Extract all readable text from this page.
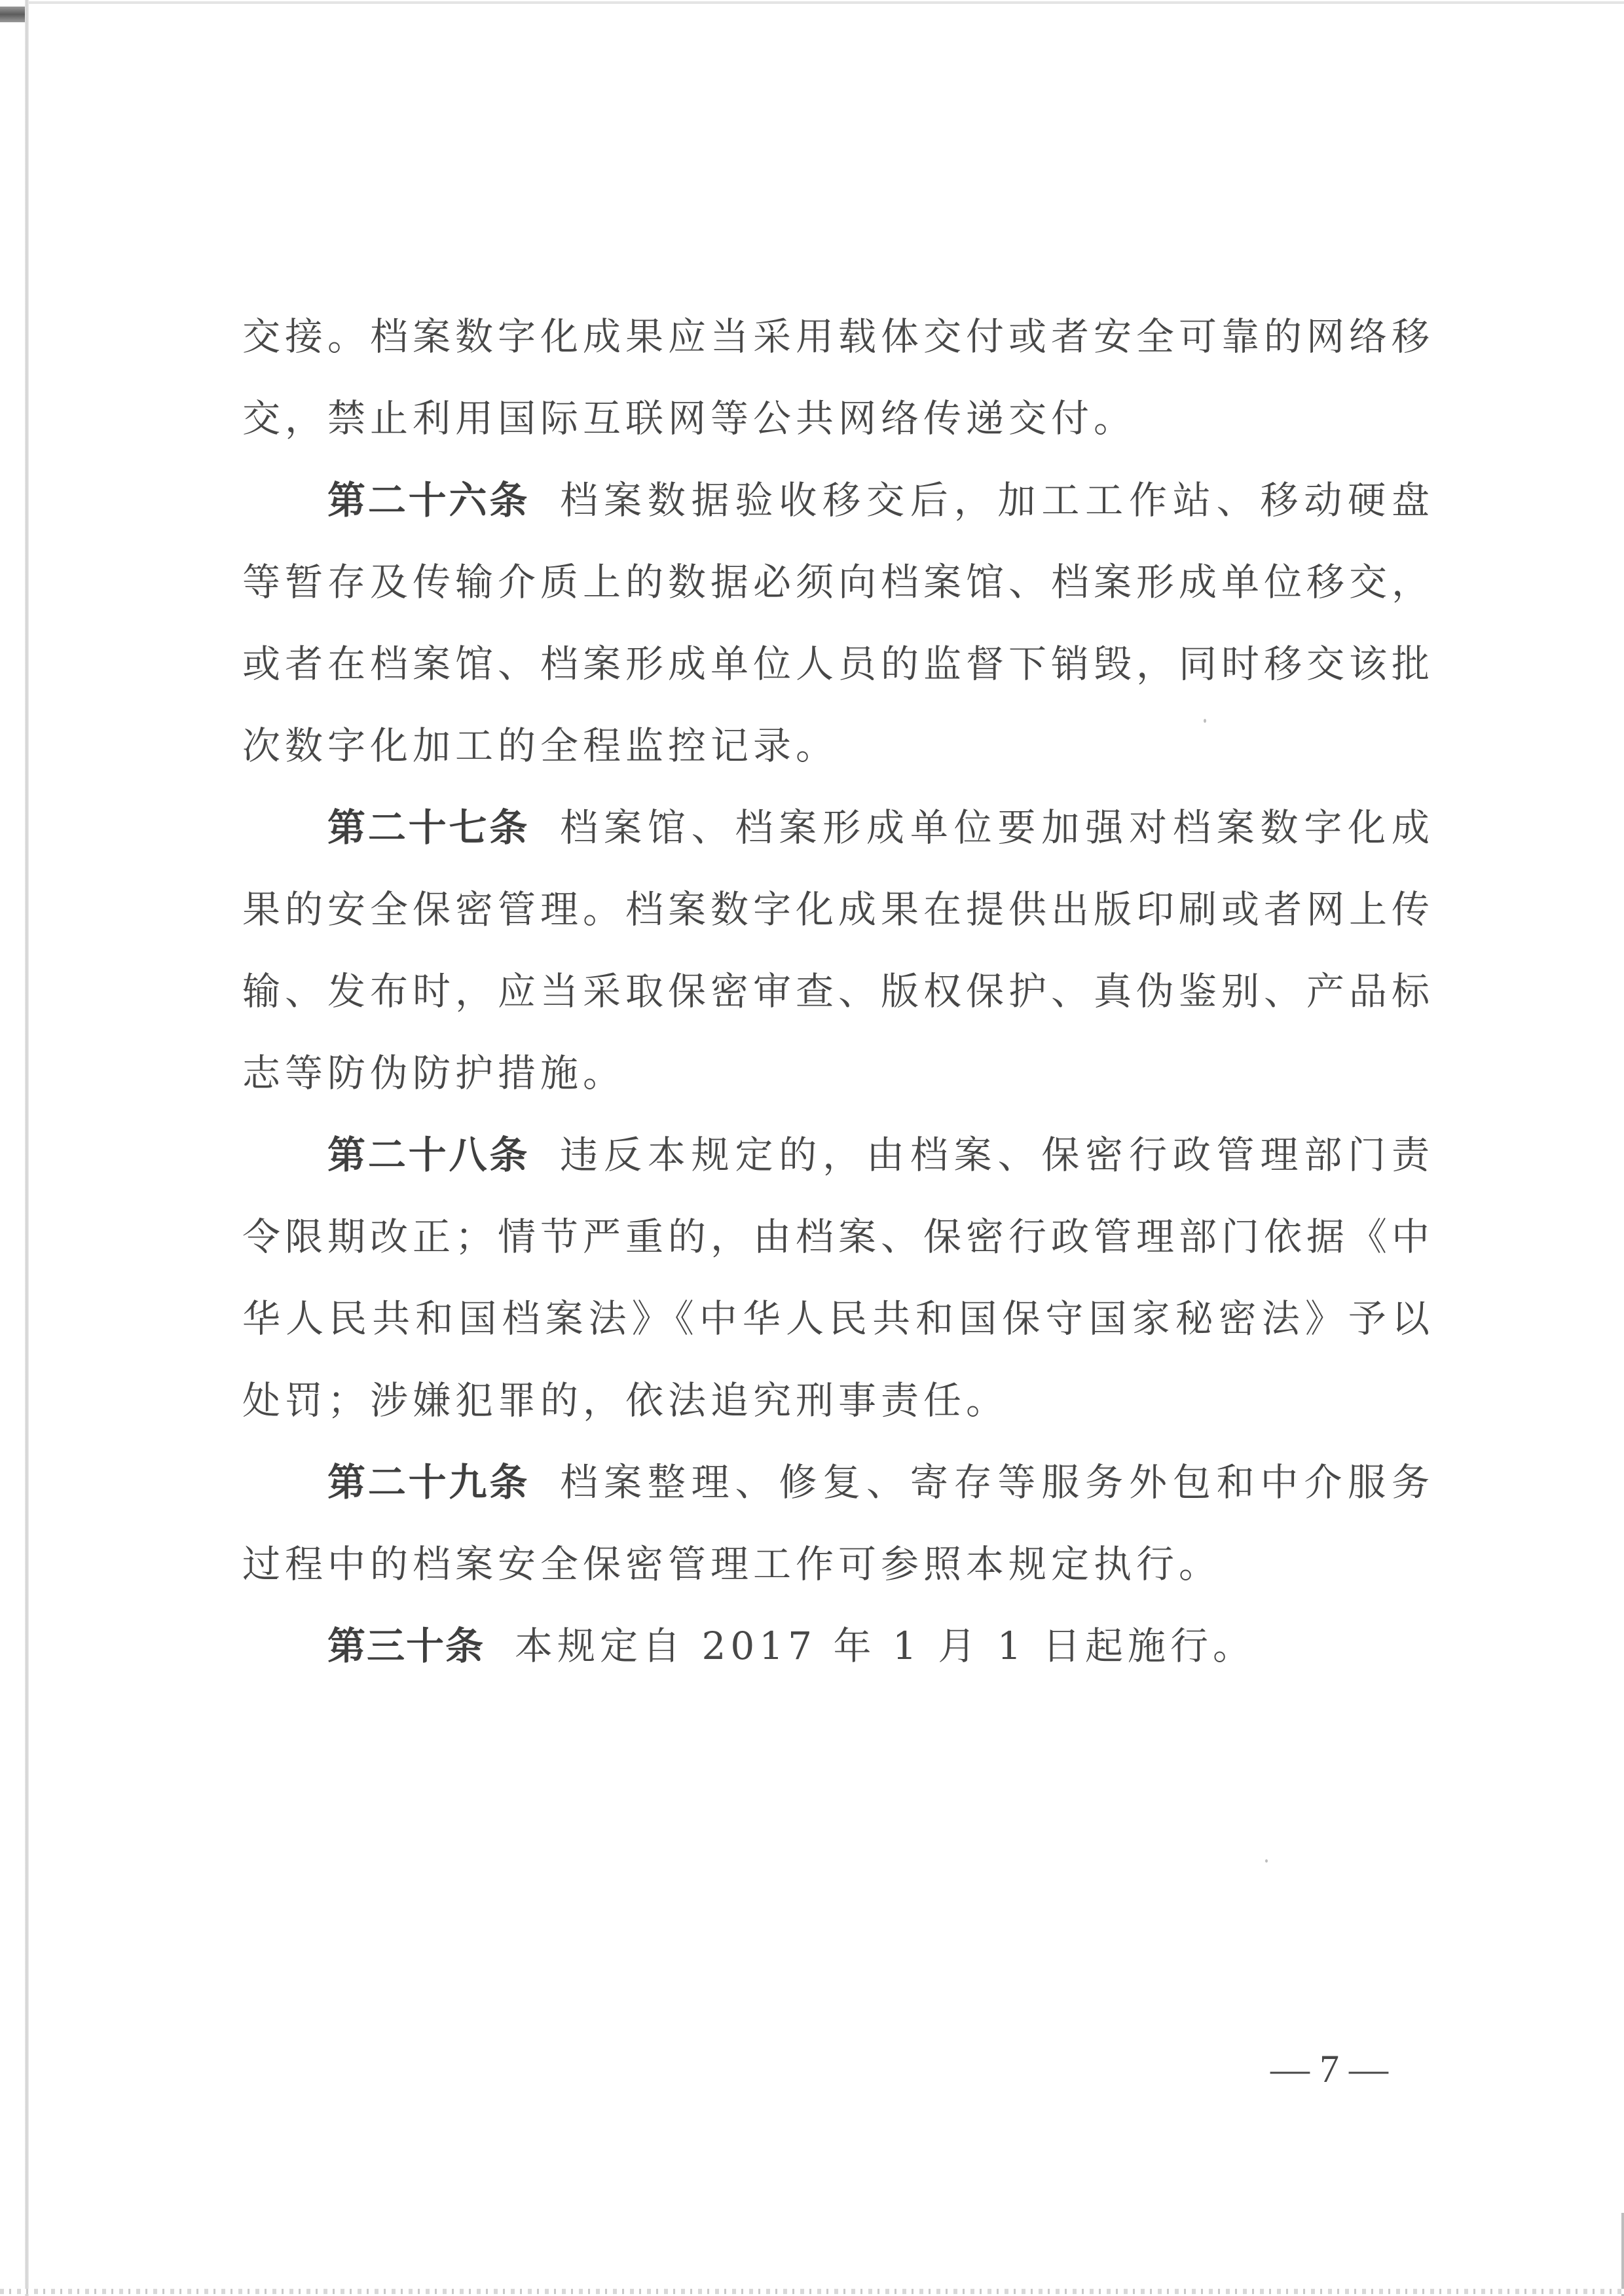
交接。档案数字化成果应当采用载体交付或者安全可靠的网络移交，禁止利用国际互联网等公共网络传递交付。

第二十六条 档案数据验收移交后，加工工作站、移动硬盘等暂存及传输介质上的数据必须向档案馆、档案形成单位移交，或者在档案馆、档案形成单位人员的监督下销毁，同时移交该批次数字化加工的全程监控记录。

第二十七条 档案馆、档案形成单位要加强对档案数字化成果的安全保密管理。档案数字化成果在提供出版印刷或者网上传输、发布时，应当采取保密审查、版权保护、真伪鉴别、产品标志等防伪防护措施。

第二十八条 违反本规定的，由档案、保密行政管理部门责令限期改正；情节严重的，由档案、保密行政管理部门依据《中华人民共和国档案法》《中华人民共和国保守国家秘密法》予以处罚；涉嫌犯罪的，依法追究刑事责任。

第二十九条 档案整理、修复、寄存等服务外包和中介服务过程中的档案安全保密管理工作可参照本规定执行。

第三十条 本规定自 2017 年 1 月 1 日起施行。

— 7 —
